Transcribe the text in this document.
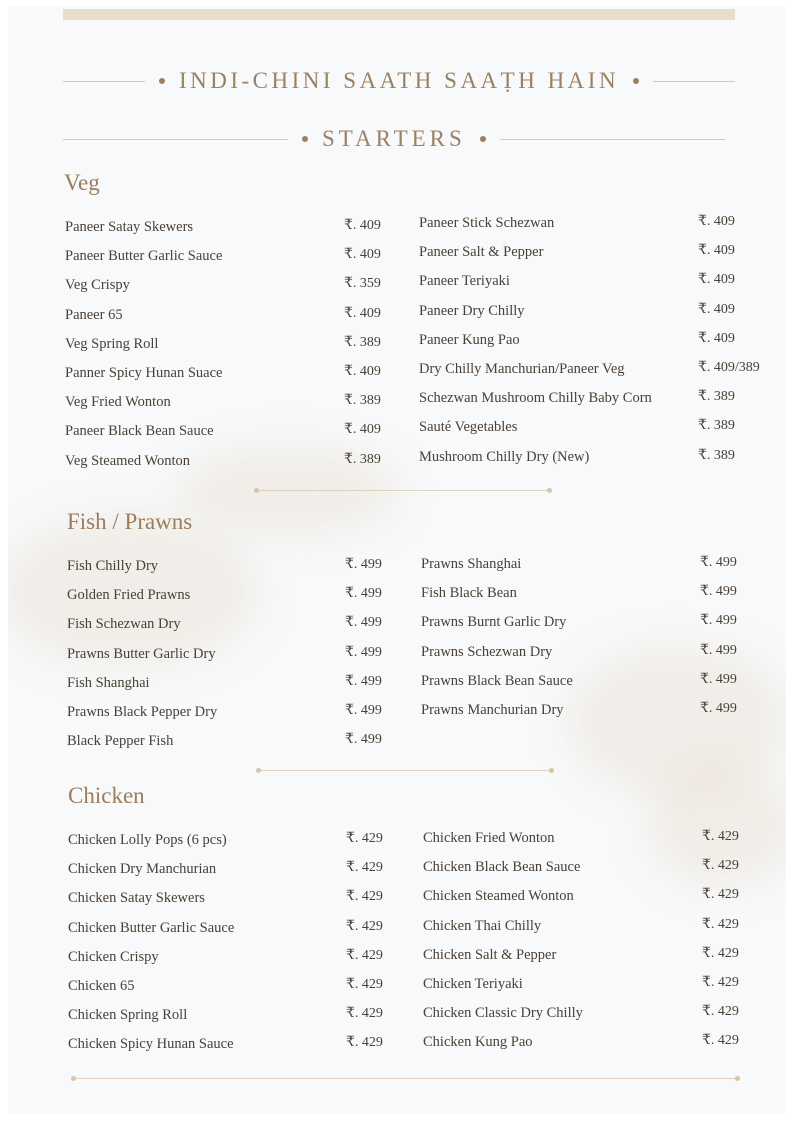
INDI-CHINI SAATH SAAṬH HAIN
STARTERS
Veg
Paneer Satay Skewers	₹. 409
Paneer Butter Garlic Sauce	₹. 409
Veg Crispy	₹. 359
Paneer 65	₹. 409
Veg Spring Roll	₹. 389
Panner Spicy Hunan Suace	₹. 409
Veg Fried Wonton	₹. 389
Paneer Black Bean Sauce	₹. 409
Veg Steamed Wonton	₹. 389
Paneer Stick Schezwan	₹. 409
Paneer Salt & Pepper	₹. 409
Paneer Teriyaki	₹. 409
Paneer Dry Chilly	₹. 409
Paneer Kung Pao	₹. 409
Dry Chilly Manchurian/Paneer Veg	₹. 409/389
Schezwan Mushroom Chilly Baby Corn	₹. 389
Sauté Vegetables	₹. 389
Mushroom Chilly Dry (New)	₹. 389
Fish / Prawns
Fish Chilly Dry	₹. 499
Golden Fried Prawns	₹. 499
Fish Schezwan Dry	₹. 499
Prawns Butter Garlic Dry	₹. 499
Fish Shanghai	₹. 499
Prawns Black Pepper Dry	₹. 499
Black Pepper Fish	₹. 499
Prawns Shanghai	₹. 499
Fish Black Bean	₹. 499
Prawns Burnt Garlic Dry	₹. 499
Prawns Schezwan Dry	₹. 499
Prawns Black Bean Sauce	₹. 499
Prawns Manchurian Dry	₹. 499
Chicken
Chicken Lolly Pops (6 pcs)	₹. 429
Chicken Dry Manchurian	₹. 429
Chicken Satay Skewers	₹. 429
Chicken Butter Garlic Sauce	₹. 429
Chicken Crispy	₹. 429
Chicken 65	₹. 429
Chicken Spring Roll	₹. 429
Chicken Spicy Hunan Sauce	₹. 429
Chicken Fried Wonton	₹. 429
Chicken Black Bean Sauce	₹. 429
Chicken Steamed Wonton	₹. 429
Chicken Thai Chilly	₹. 429
Chicken Salt & Pepper	₹. 429
Chicken Teriyaki	₹. 429
Chicken Classic Dry Chilly	₹. 429
Chicken Kung Pao	₹. 429
